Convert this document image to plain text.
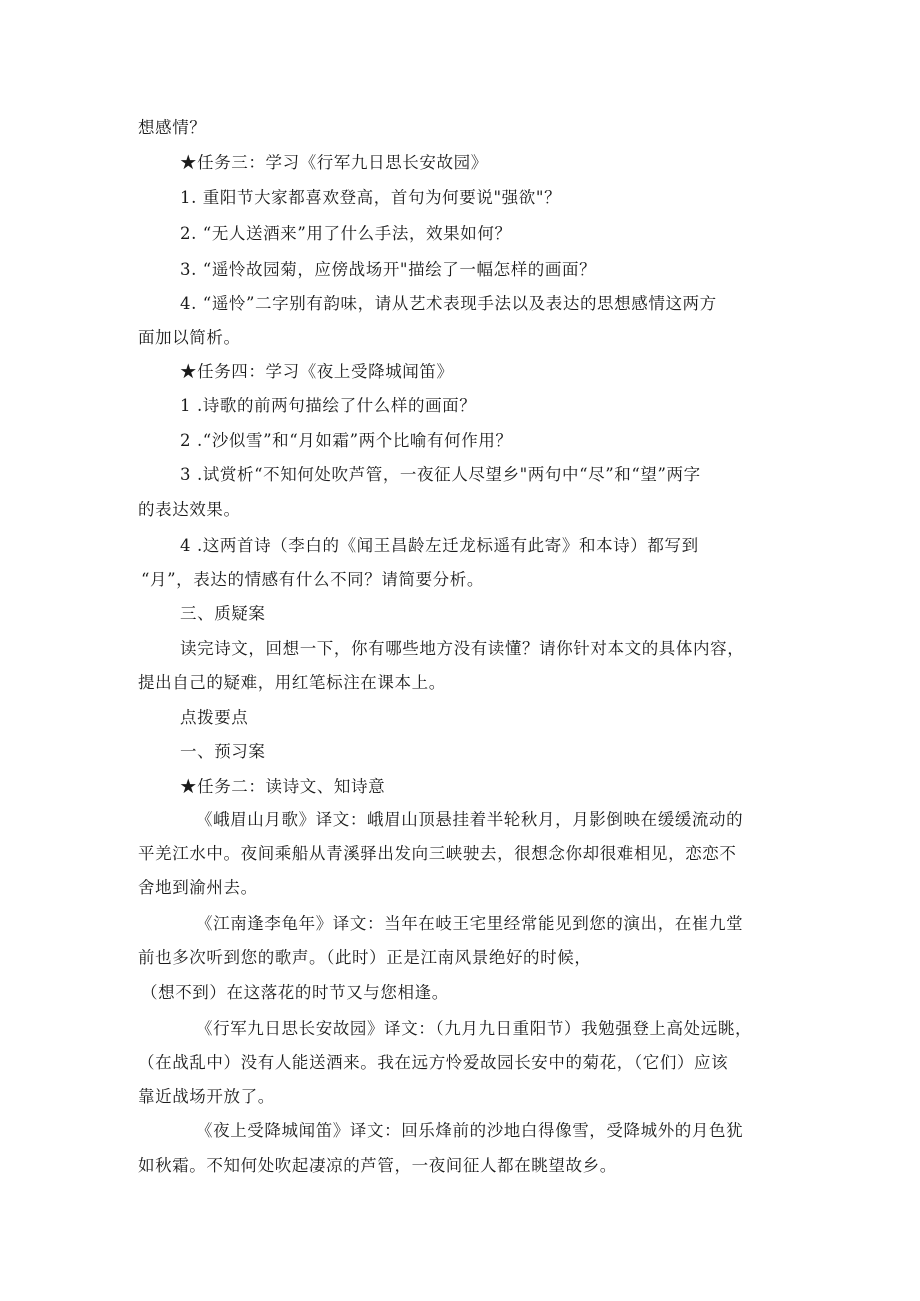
想感情？
★任务三：学习《行军九日思长安故园》
1. 重阳节大家都喜欢登高，首句为何要说"强欲"？
2. “无人送酒来”用了什么手法，效果如何？
3. “遥怜故园菊，应傍战场开"描绘了一幅怎样的画面？
4. “遥怜”二字别有韵味，请从艺术表现手法以及表达的思想感情这两方
面加以简析。
★任务四：学习《夜上受降城闻笛》
1 .诗歌的前两句描绘了什么样的画面？
2 .“沙似雪”和“月如霜”两个比喻有何作用？
3 .试赏析“不知何处吹芦管，一夜征人尽望乡"两句中“尽”和“望”两字
的表达效果。
4 .这两首诗（李白的《闻王昌龄左迁龙标遥有此寄》和本诗）都写到
“月”，表达的情感有什么不同？请简要分析。
三、质疑案
读完诗文，回想一下，你有哪些地方没有读懂？请你针对本文的具体内容，
提出自己的疑难，用红笔标注在课本上。
点拨要点
一、预习案
★任务二：读诗文、知诗意
《峨眉山月歌》译文：峨眉山顶悬挂着半轮秋月，月影倒映在缓缓流动的
平羌江水中。夜间乘船从青溪驿出发向三峡驶去，很想念你却很难相见，恋恋不
舍地到渝州去。
《江南逢李龟年》译文：当年在岐王宅里经常能见到您的演出，在崔九堂
前也多次听到您的歌声。（此时）正是江南风景绝好的时候，
（想不到）在这落花的时节又与您相逢。
《行军九日思长安故园》译文：（九月九日重阳节）我勉强登上高处远眺，
（在战乱中）没有人能送酒来。我在远方怜爱故园长安中的菊花，（它们）应该
靠近战场开放了。
《夜上受降城闻笛》译文：回乐烽前的沙地白得像雪，受降城外的月色犹
如秋霜。不知何处吹起凄凉的芦管，一夜间征人都在眺望故乡。
